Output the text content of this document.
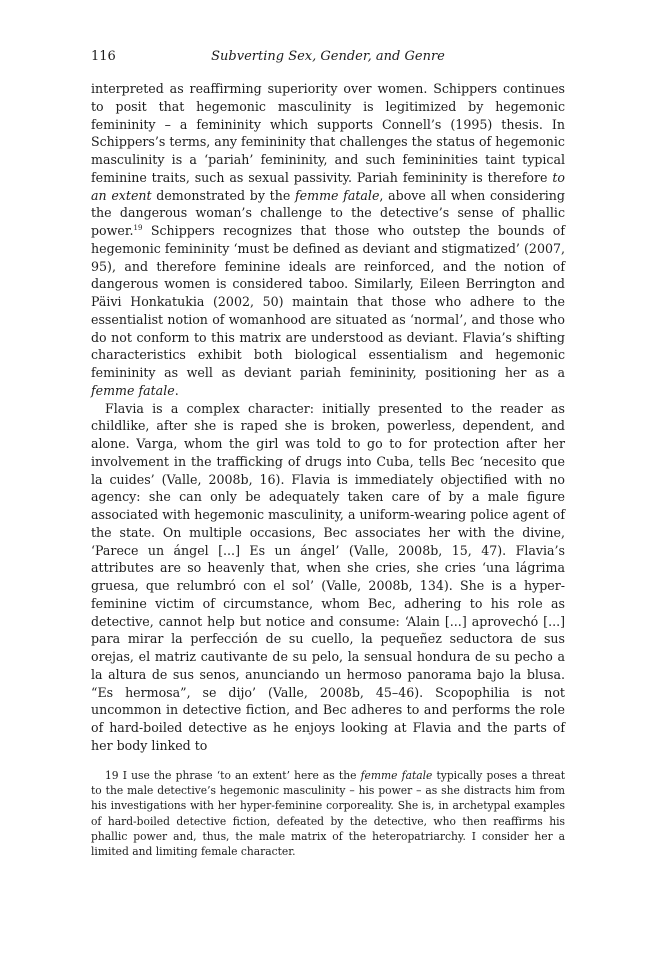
116	Subverting Sex, Gender, and Genre

interpreted as reaffirming superiority over women. Schippers continues to posit that hegemonic masculinity is legitimized by hegemonic femininity – a femininity which supports Connell’s (1995) thesis. In Schippers’s terms, any femininity that challenges the status of hegemonic masculinity is a ‘pariah’ femininity, and such femininities taint typical feminine traits, such as sexual passivity. Pariah femininity is therefore to an extent demonstrated by the femme fatale, above all when considering the dangerous woman’s challenge to the detective’s sense of phallic power.$^{19}$ Schippers recognizes that those who outstep the bounds of hegemonic femininity ‘must be defined as deviant and stigmatized’ (2007, 95), and therefore feminine ideals are reinforced, and the notion of dangerous women is considered taboo. Similarly, Eileen Berrington and Päivi Honkatukia (2002, 50) maintain that those who adhere to the essentialist notion of womanhood are situated as ‘normal’, and those who do not conform to this matrix are understood as deviant. Flavia’s shifting characteristics exhibit both biological essentialism and hegemonic femininity as well as deviant pariah femininity, positioning her as a femme fatale.

Flavia is a complex character: initially presented to the reader as childlike, after she is raped she is broken, powerless, dependent, and alone. Varga, whom the girl was told to go to for protection after her involvement in the trafficking of drugs into Cuba, tells Bec ‘necesito que la cuides’ (Valle, 2008b, 16). Flavia is immediately objectified with no agency: she can only be adequately taken care of by a male figure associated with hegemonic masculinity, a uniform-wearing police agent of the state. On multiple occasions, Bec associates her with the divine, ‘Parece un ángel [...] Es un ángel’ (Valle, 2008b, 15, 47). Flavia’s attributes are so heavenly that, when she cries, she cries ‘una lágrima gruesa, que relumbró con el sol’ (Valle, 2008b, 134). She is a hyper-feminine victim of circumstance, whom Bec, adhering to his role as detective, cannot help but notice and consume: ‘Alain [...] aprovechó [...] para mirar la perfección de su cuello, la pequeñez seductora de sus orejas, el matriz cautivante de su pelo, la sensual hondura de su pecho a la altura de sus senos, anunciando un hermoso panorama bajo la blusa. “Es hermosa”, se dijo’ (Valle, 2008b, 45–46). Scopophilia is not uncommon in detective fiction, and Bec adheres to and performs the role of hard-boiled detective as he enjoys looking at Flavia and the parts of her body linked to

19 I use the phrase ‘to an extent’ here as the femme fatale typically poses a threat to the male detective’s hegemonic masculinity – his power – as she distracts him from his investigations with her hyper-feminine corporeality. She is, in archetypal examples of hard-boiled detective fiction, defeated by the detective, who then reaffirms his phallic power and, thus, the male matrix of the heteropatriarchy. I consider her a limited and limiting female character.
